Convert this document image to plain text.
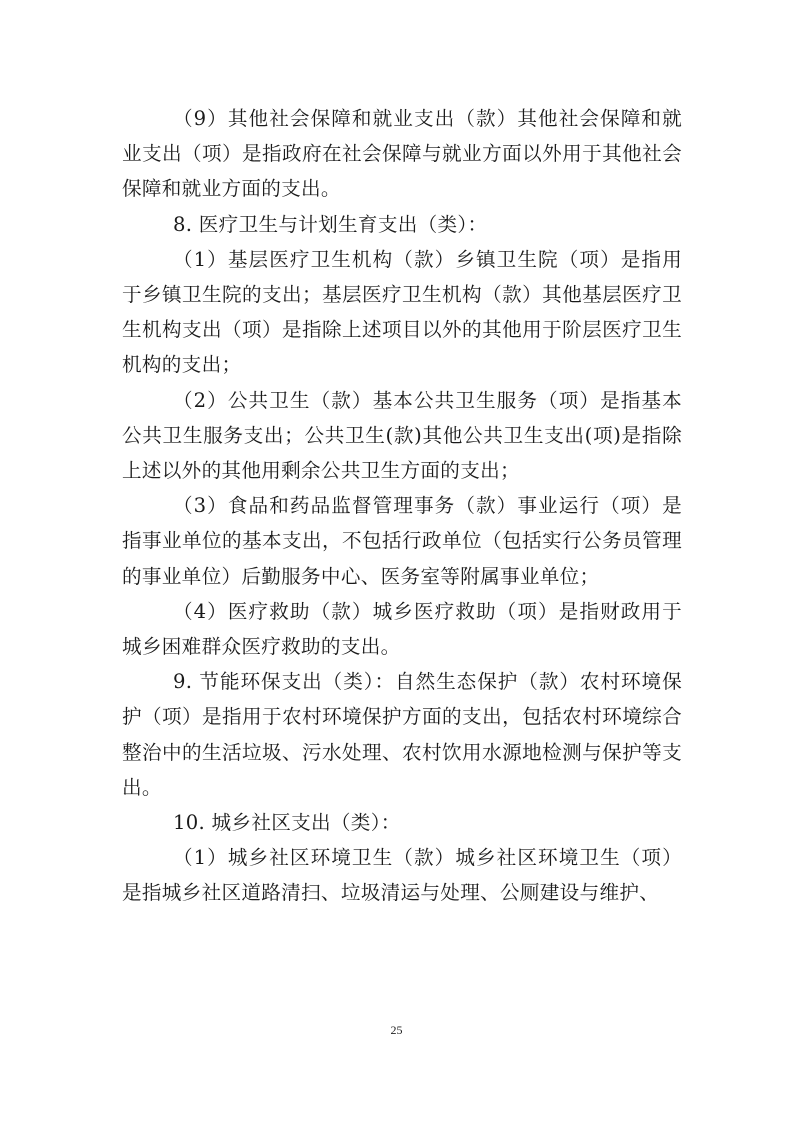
（9）其他社会保障和就业支出（款）其他社会保障和就业支出（项）是指政府在社会保障与就业方面以外用于其他社会保障和就业方面的支出。

8. 医疗卫生与计划生育支出（类）：

（1）基层医疗卫生机构（款）乡镇卫生院（项）是指用于乡镇卫生院的支出；基层医疗卫生机构（款）其他基层医疗卫生机构支出（项）是指除上述项目以外的其他用于阶层医疗卫生机构的支出；

（2）公共卫生（款）基本公共卫生服务（项）是指基本公共卫生服务支出；公共卫生(款)其他公共卫生支出(项)是指除上述以外的其他用剩余公共卫生方面的支出；

（3）食品和药品监督管理事务（款）事业运行（项）是指事业单位的基本支出，不包括行政单位（包括实行公务员管理的事业单位）后勤服务中心、医务室等附属事业单位；

（4）医疗救助（款）城乡医疗救助（项）是指财政用于城乡困难群众医疗救助的支出。

9. 节能环保支出（类）：自然生态保护（款）农村环境保护（项）是指用于农村环境保护方面的支出，包括农村环境综合整治中的生活垃圾、污水处理、农村饮用水源地检测与保护等支出。

10. 城乡社区支出（类）：

（1）城乡社区环境卫生（款）城乡社区环境卫生（项）是指城乡社区道路清扫、垃圾清运与处理、公厕建设与维护、

25
